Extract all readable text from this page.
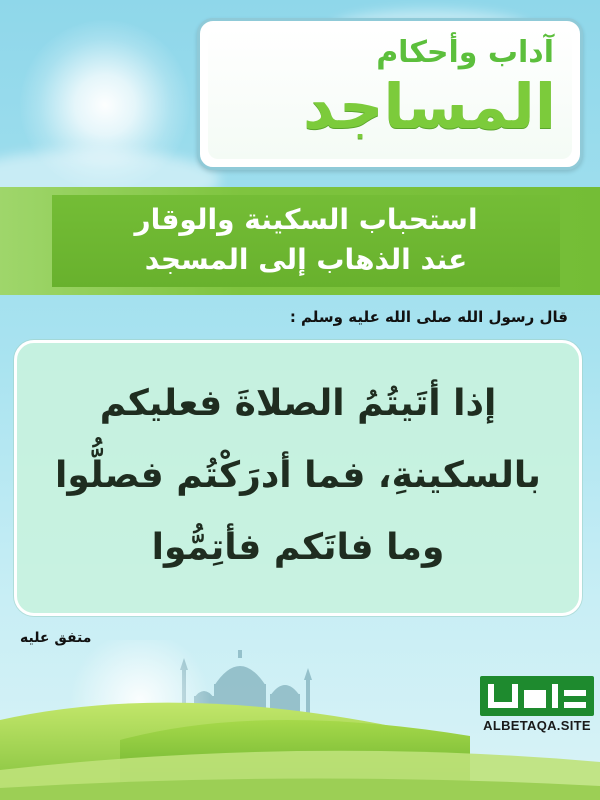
آداب وأحكام
المساجد
استحباب السكينة والوقار
عند الذهاب إلى المسجد
قال رسول الله صلى الله عليه وسلم :
إذا أتَيتُمُ الصلاةَ فعليكم
بالسكينةِ، فما أدرَكْتُم فصلُّوا
وما فاتَكم فأتِمُّوا
متفق عليه
ALBETAQA.SITE
